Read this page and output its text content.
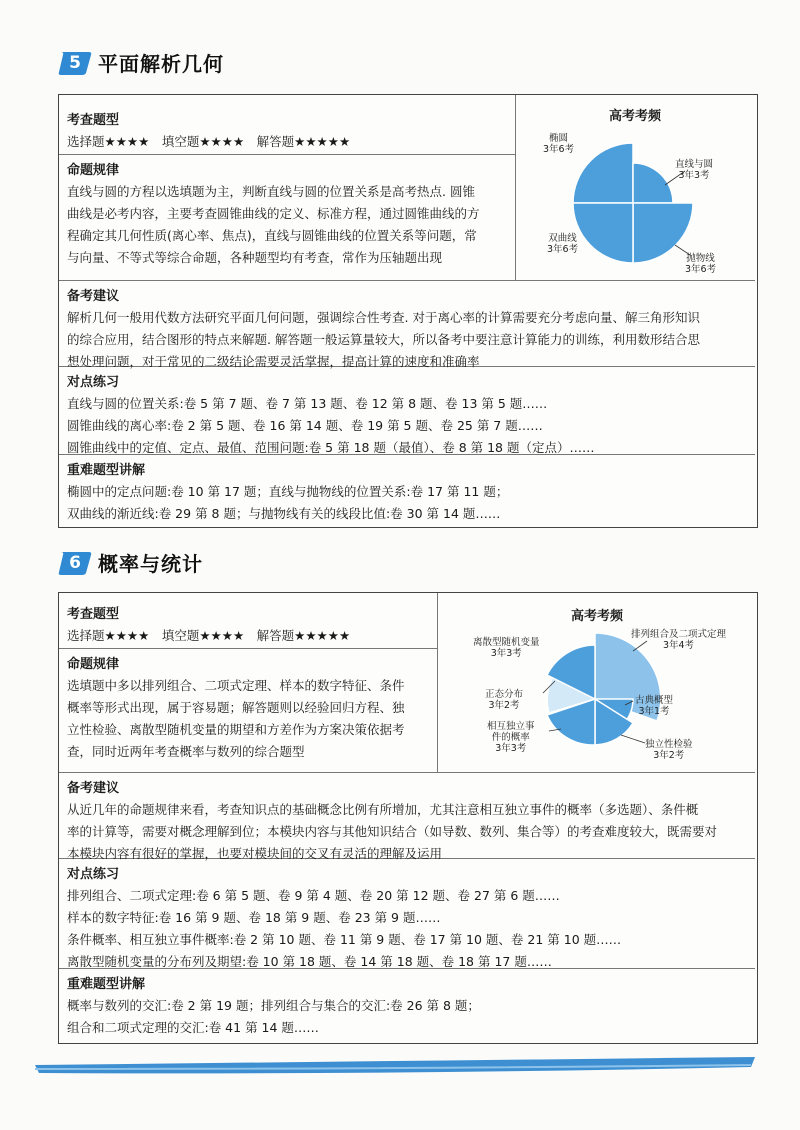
5 平面解析几何
考查题型

选择题★★★★　填空题★★★★　解答题★★★★★

命题规律

直线与圆的方程以选填题为主，判断直线与圆的位置关系是高考热点. 圆锥

曲线是必考内容，主要考查圆锥曲线的定义、标准方程，通过圆锥曲线的方

程确定其几何性质(离心率、焦点)，直线与圆锥曲线的位置关系等问题，常

与向量、不等式等综合命题，各种题型均有考查，常作为压轴题出现

备考建议

解析几何一般用代数方法研究平面几何问题，强调综合性考查. 对于离心率的计算需要充分考虑向量、解三角形知识

的综合应用，结合图形的特点来解题. 解答题一般运算量较大，所以备考中要注意计算能力的训练，利用数形结合思

想处理问题，对于常见的二级结论需要灵活掌握，提高计算的速度和准确率

对点练习

直线与圆的位置关系:卷 5 第 7 题、卷 7 第 13 题、卷 12 第 8 题、卷 13 第 5 题……

圆锥曲线的离心率:卷 2 第 5 题、卷 16 第 14 题、卷 19 第 5 题、卷 25 第 7 题……

圆锥曲线中的定值、定点、最值、范围问题:卷 5 第 18 题（最值）、卷 8 第 18 题（定点）……

重难题型讲解

椭圆中的定点问题:卷 10 第 17 题；直线与抛物线的位置关系:卷 17 第 11 题；

双曲线的渐近线:卷 29 第 8 题；与抛物线有关的线段比值:卷 30 第 14 题……

高考考频
椭圆
3年6考
直线与圆
3年3考
双曲线
3年6考
抛物线
3年6考
6 概率与统计
考查题型

选择题★★★★　填空题★★★★　解答题★★★★★

命题规律

选填题中多以排列组合、二项式定理、样本的数字特征、条件

概率等形式出现，属于容易题；解答题则以经验回归方程、独

立性检验、离散型随机变量的期望和方差作为方案决策依据考

查，同时近两年考查概率与数列的综合题型

备考建议

从近几年的命题规律来看，考查知识点的基础概念比例有所增加，尤其注意相互独立事件的概率（多选题）、条件概

率的计算等，需要对概念理解到位；本模块内容与其他知识结合（如导数、数列、集合等）的考查难度较大，既需要对

本模块内容有很好的掌握，也要对模块间的交叉有灵活的理解及运用

对点练习

排列组合、二项式定理:卷 6 第 5 题、卷 9 第 4 题、卷 20 第 12 题、卷 27 第 6 题……

样本的数字特征:卷 16 第 9 题、卷 18 第 9 题、卷 23 第 9 题……

条件概率、相互独立事件概率:卷 2 第 10 题、卷 11 第 9 题、卷 17 第 10 题、卷 21 第 10 题……

离散型随机变量的分布列及期望:卷 10 第 18 题、卷 14 第 18 题、卷 18 第 17 题……

重难题型讲解

概率与数列的交汇:卷 2 第 19 题；排列组合与集合的交汇:卷 26 第 8 题；

组合和二项式定理的交汇:卷 41 第 14 题……

高考考频
排列组合及二项式定理
3年4考
离散型随机变量
3年3考
正态分布
3年2考	古典概型
3年1考
相互独立事
件的概率
3年3考	独立性检验
3年2考
